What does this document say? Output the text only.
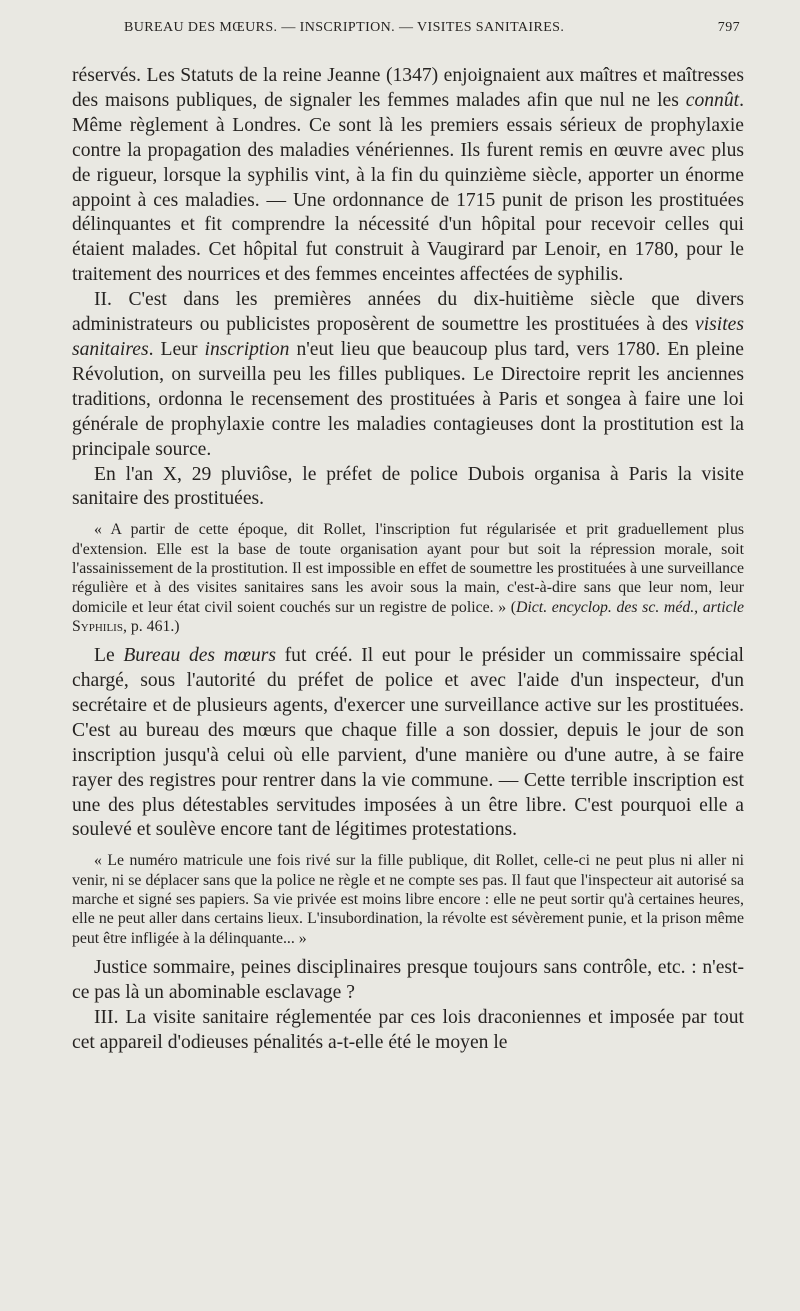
BUREAU DES MŒURS. — INSCRIPTION. — VISITES SANITAIRES.	797

réservés. Les Statuts de la reine Jeanne (1347) enjoignaient aux maîtres et maîtresses des maisons publiques, de signaler les femmes malades afin que nul ne les connût. Même règlement à Londres. Ce sont là les premiers essais sérieux de prophylaxie contre la propagation des maladies vénériennes. Ils furent remis en œuvre avec plus de rigueur, lorsque la syphilis vint, à la fin du quinzième siècle, apporter un énorme appoint à ces maladies. — Une ordonnance de 1715 punit de prison les prostituées délinquantes et fit comprendre la nécessité d'un hôpital pour recevoir celles qui étaient malades. Cet hôpital fut construit à Vaugirard par Lenoir, en 1780, pour le traitement des nourrices et des femmes enceintes affectées de syphilis.

II. C'est dans les premières années du dix-huitième siècle que divers administrateurs ou publicistes proposèrent de soumettre les prostituées à des visites sanitaires. Leur inscription n'eut lieu que beaucoup plus tard, vers 1780. En pleine Révolution, on surveilla peu les filles publiques. Le Directoire reprit les anciennes traditions, ordonna le recensement des prostituées à Paris et songea à faire une loi générale de prophylaxie contre les maladies contagieuses dont la prostitution est la principale source.

En l'an X, 29 pluviôse, le préfet de police Dubois organisa à Paris la visite sanitaire des prostituées.

« A partir de cette époque, dit Rollet, l'inscription fut régularisée et prit graduellement plus d'extension. Elle est la base de toute organisation ayant pour but soit la répression morale, soit l'assainissement de la prostitution. Il est impossible en effet de soumettre les prostituées à une surveillance régulière et à des visites sanitaires sans les avoir sous la main, c'est-à-dire sans que leur nom, leur domicile et leur état civil soient couchés sur un registre de police. » (Dict. encyclop. des sc. méd., article Syphilis, p. 461.)

Le Bureau des mœurs fut créé. Il eut pour le présider un commissaire spécial chargé, sous l'autorité du préfet de police et avec l'aide d'un inspecteur, d'un secrétaire et de plusieurs agents, d'exercer une surveillance active sur les prostituées. C'est au bureau des mœurs que chaque fille a son dossier, depuis le jour de son inscription jusqu'à celui où elle parvient, d'une manière ou d'une autre, à se faire rayer des registres pour rentrer dans la vie commune. — Cette terrible inscription est une des plus détestables servitudes imposées à un être libre. C'est pourquoi elle a soulevé et soulève encore tant de légitimes protestations.

« Le numéro matricule une fois rivé sur la fille publique, dit Rollet, celle-ci ne peut plus ni aller ni venir, ni se déplacer sans que la police ne règle et ne compte ses pas. Il faut que l'inspecteur ait autorisé sa marche et signé ses papiers. Sa vie privée est moins libre encore : elle ne peut sortir qu'à certaines heures, elle ne peut aller dans certains lieux. L'insubordination, la révolte est sévèrement punie, et la prison même peut être infligée à la délinquante... »

Justice sommaire, peines disciplinaires presque toujours sans contrôle, etc. : n'est-ce pas là un abominable esclavage ?

III. La visite sanitaire réglementée par ces lois draconiennes et imposée par tout cet appareil d'odieuses pénalités a-t-elle été le moyen le
